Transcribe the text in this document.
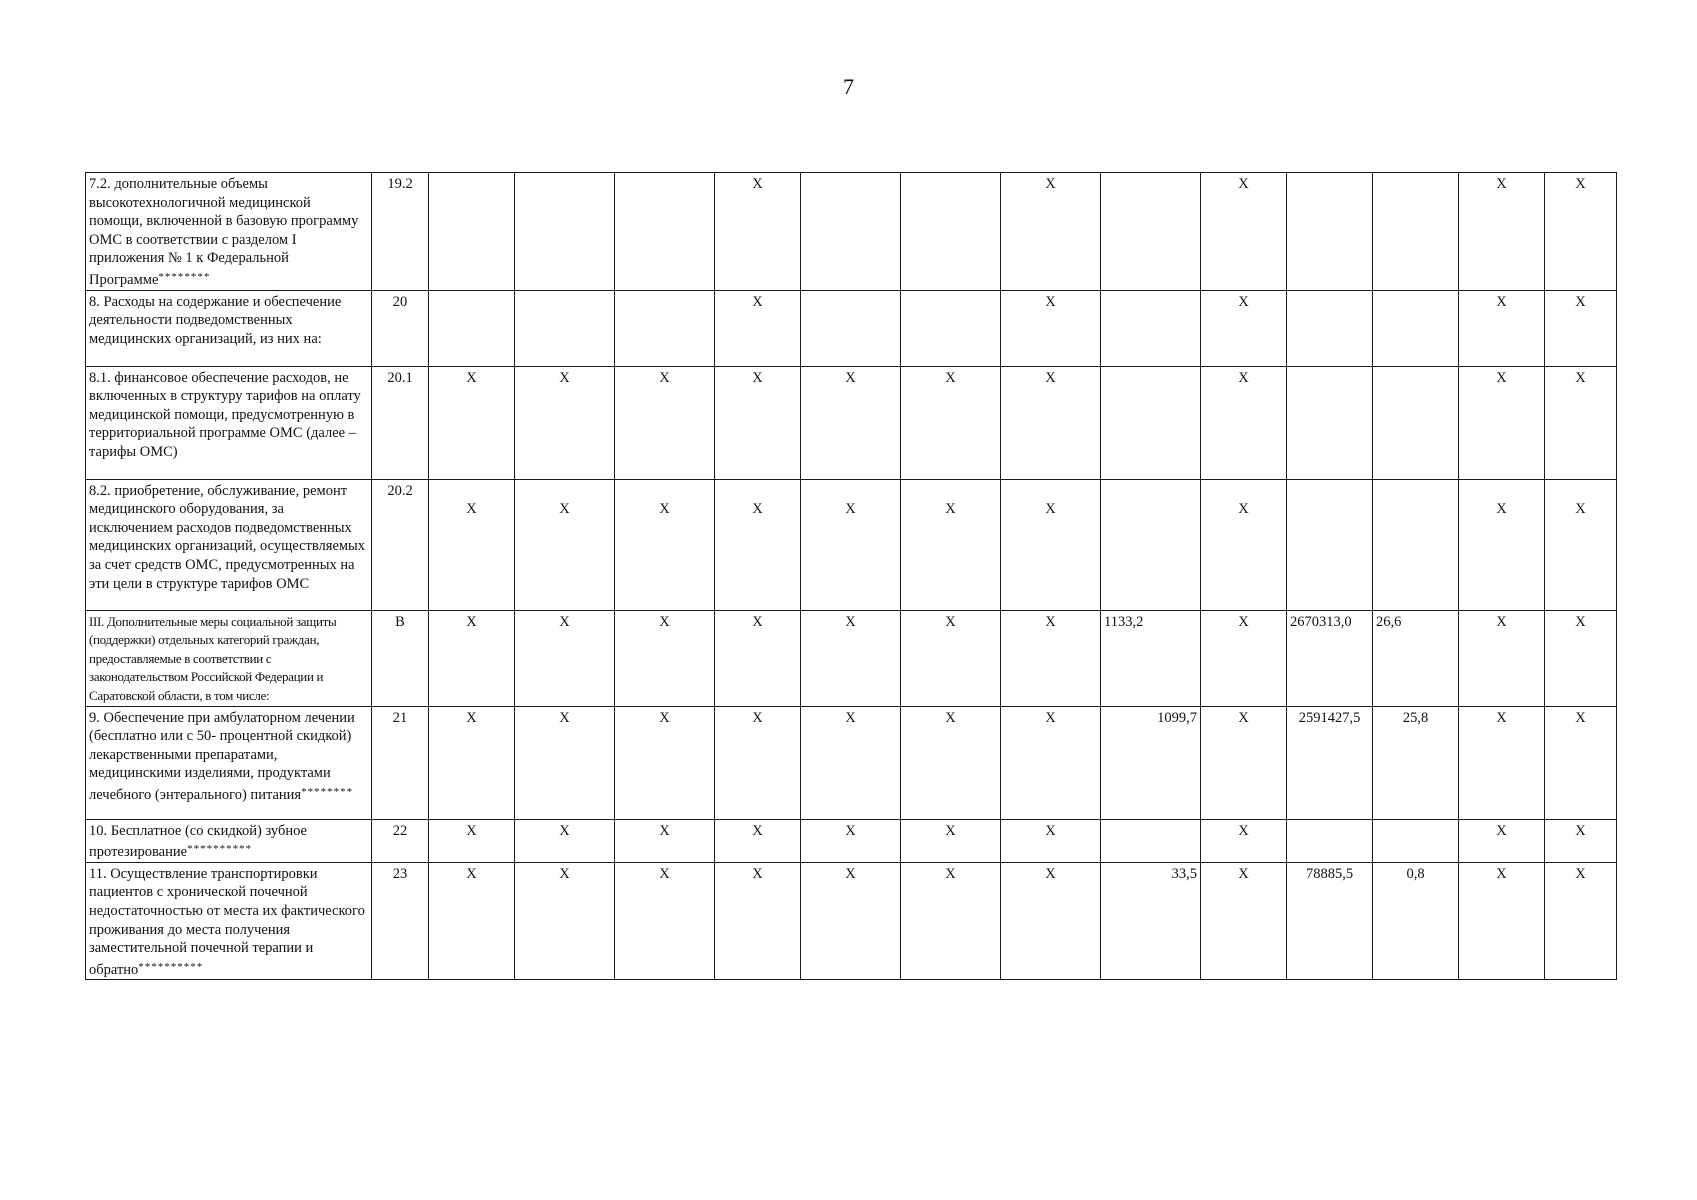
7
7.2. дополнительные объемы высокотехнологичной медицинской помощи, включенной в базовую программу ОМС в соответствии с разделом I приложения № 1 к Федеральной Программе********	19.2				X			X		X			X	X
8. Расходы на содержание и обеспечение деятельности подведомственных медицинских организаций, из них на:	20				X			X		X			X	X
8.1. финансовое обеспечение расходов, не включенных в структуру тарифов на оплату медицинской помощи, предусмотренную в территориальной программе ОМС (далее – тарифы ОМС)	20.1	X	X	X	X	X	X	X		X			X	X
8.2. приобретение, обслуживание, ремонт медицинского оборудования, за исключением расходов подведомственных медицинских организаций, осуществляемых за счет средств ОМС, предусмотренных на эти цели в структуре тарифов ОМС	20.2	X	X	X	X	X	X	X		X			X	X
III. Дополнительные меры социальной защиты (поддержки) отдельных категорий граждан, предоставляемые в соответствии с законодательством Российской Федерации и Саратовской области, в том числе:	В	X	X	X	X	X	X	X	1133,2	X	2670313,0	26,6	X	X
9. Обеспечение при амбулаторном лечении (бесплатно или с 50- процентной скидкой) лекарственными препаратами, медицинскими изделиями, продуктами лечебного (энтерального) питания********	21	X	X	X	X	X	X	X	1099,7	X	2591427,5	25,8	X	X
10. Бесплатное (со скидкой) зубное протезирование**********	22	X	X	X	X	X	X	X		X			X	X
11. Осуществление транспортировки пациентов с хронической почечной недостаточностью от места их фактического проживания до места получения заместительной почечной терапии и обратно**********	23	X	X	X	X	X	X	X	33,5	X	78885,5	0,8	X	X
